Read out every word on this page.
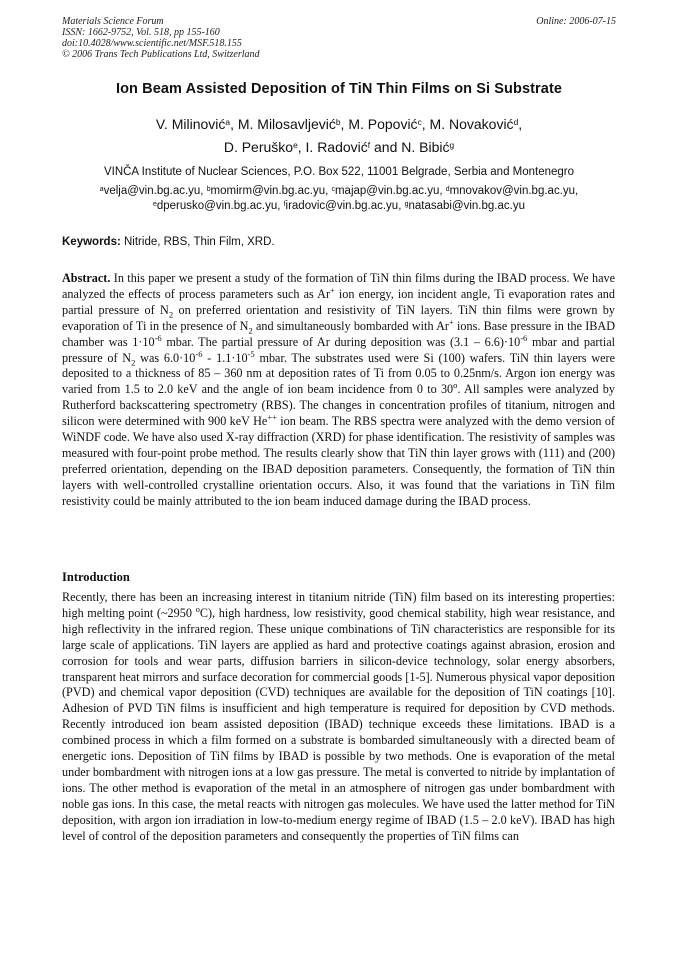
Materials Science Forum
ISSN: 1662-9752, Vol. 518, pp 155-160
doi:10.4028/www.scientific.net/MSF.518.155
© 2006 Trans Tech Publications Ltd, Switzerland
Online: 2006-07-15
Ion Beam Assisted Deposition of TiN Thin Films on Si Substrate
V. Milinović$^a$, M. Milosavljević$^b$, M. Popović$^c$, M. Novaković$^d$,
D. Peruško$^e$, I. Radović$^f$ and N. Bibić$^g$
VINČA Institute of Nuclear Sciences, P.O. Box 522, 11001 Belgrade, Serbia and Montenegro
$^a$velja@vin.bg.ac.yu, $^b$momirm@vin.bg.ac.yu, $^c$majap@vin.bg.ac.yu, $^d$mnovakov@vin.bg.ac.yu,
$^e$dperusko@vin.bg.ac.yu, $^f$iradovic@vin.bg.ac.yu, $^g$natasabi@vin.bg.ac.yu
Keywords: Nitride, RBS, Thin Film, XRD.

Abstract. In this paper we present a study of the formation of TiN thin films during the IBAD process. We have analyzed the effects of process parameters such as Ar+ ion energy, ion incident angle, Ti evaporation rates and partial pressure of $N_2$ on preferred orientation and resistivity of TiN layers. TiN thin films were grown by evaporation of Ti in the presence of $N_2$ and simultaneously bombarded with Ar+ ions. Base pressure in the IBAD chamber was $1\cdot 10^{-6}$ mbar. The partial pressure of Ar during deposition was $(3.1 - 6.6)\cdot 10^{-6}$ mbar and partial pressure of $N_2$ was $6.0\cdot 10^{-6} - 1.1\cdot 10^{-5}$ mbar. The substrates used were Si (100) wafers. TiN thin layers were deposited to a thickness of 85 – 360 nm at deposition rates of Ti from 0.05 to 0.25nm/s. Argon ion energy was varied from 1.5 to 2.0 keV and the angle of ion beam incidence from 0 to 30$^o$. All samples were analyzed by Rutherford backscattering spectrometry (RBS). The changes in concentration profiles of titanium, nitrogen and silicon were determined with 900 keV He++ ion beam. The RBS spectra were analyzed with the demo version of WiNDF code. We have also used X-ray diffraction (XRD) for phase identification. The resistivity of samples was measured with four-point probe method. The results clearly show that TiN thin layer grows with (111) and (200) preferred orientation, depending on the IBAD deposition parameters. Consequently, the formation of TiN thin layers with well-controlled crystalline orientation occurs. Also, it was found that the variations in TiN film resistivity could be mainly attributed to the ion beam induced damage during the IBAD process.

Introduction

Recently, there has been an increasing interest in titanium nitride (TiN) film based on its interesting properties: high melting point (~2950 $^o$C), high hardness, low resistivity, good chemical stability, high wear resistance, and high reflectivity in the infrared region. These unique combinations of TiN characteristics are responsible for its large scale of applications. TiN layers are applied as hard and protective coatings against abrasion, erosion and corrosion for tools and wear parts, diffusion barriers in silicon-device technology, solar energy absorbers, transparent heat mirrors and surface decoration for commercial goods [1-5]. Numerous physical vapor deposition (PVD) and chemical vapor deposition (CVD) techniques are available for the deposition of TiN coatings [10]. Adhesion of PVD TiN films is insufficient and high temperature is required for deposition by CVD methods. Recently introduced ion beam assisted deposition (IBAD) technique exceeds these limitations. IBAD is a combined process in which a film formed on a substrate is bombarded simultaneously with a directed beam of energetic ions. Deposition of TiN films by IBAD is possible by two methods. One is evaporation of the metal under bombardment with nitrogen ions at a low gas pressure. The metal is converted to nitride by implantation of ions. The other method is evaporation of the metal in an atmosphere of nitrogen gas under bombardment with noble gas ions. In this case, the metal reacts with nitrogen gas molecules. We have used the latter method for TiN deposition, with argon ion irradiation in low-to-medium energy regime of IBAD (1.5 – 2.0 keV). IBAD has high level of control of the deposition parameters and consequently the properties of TiN films can
